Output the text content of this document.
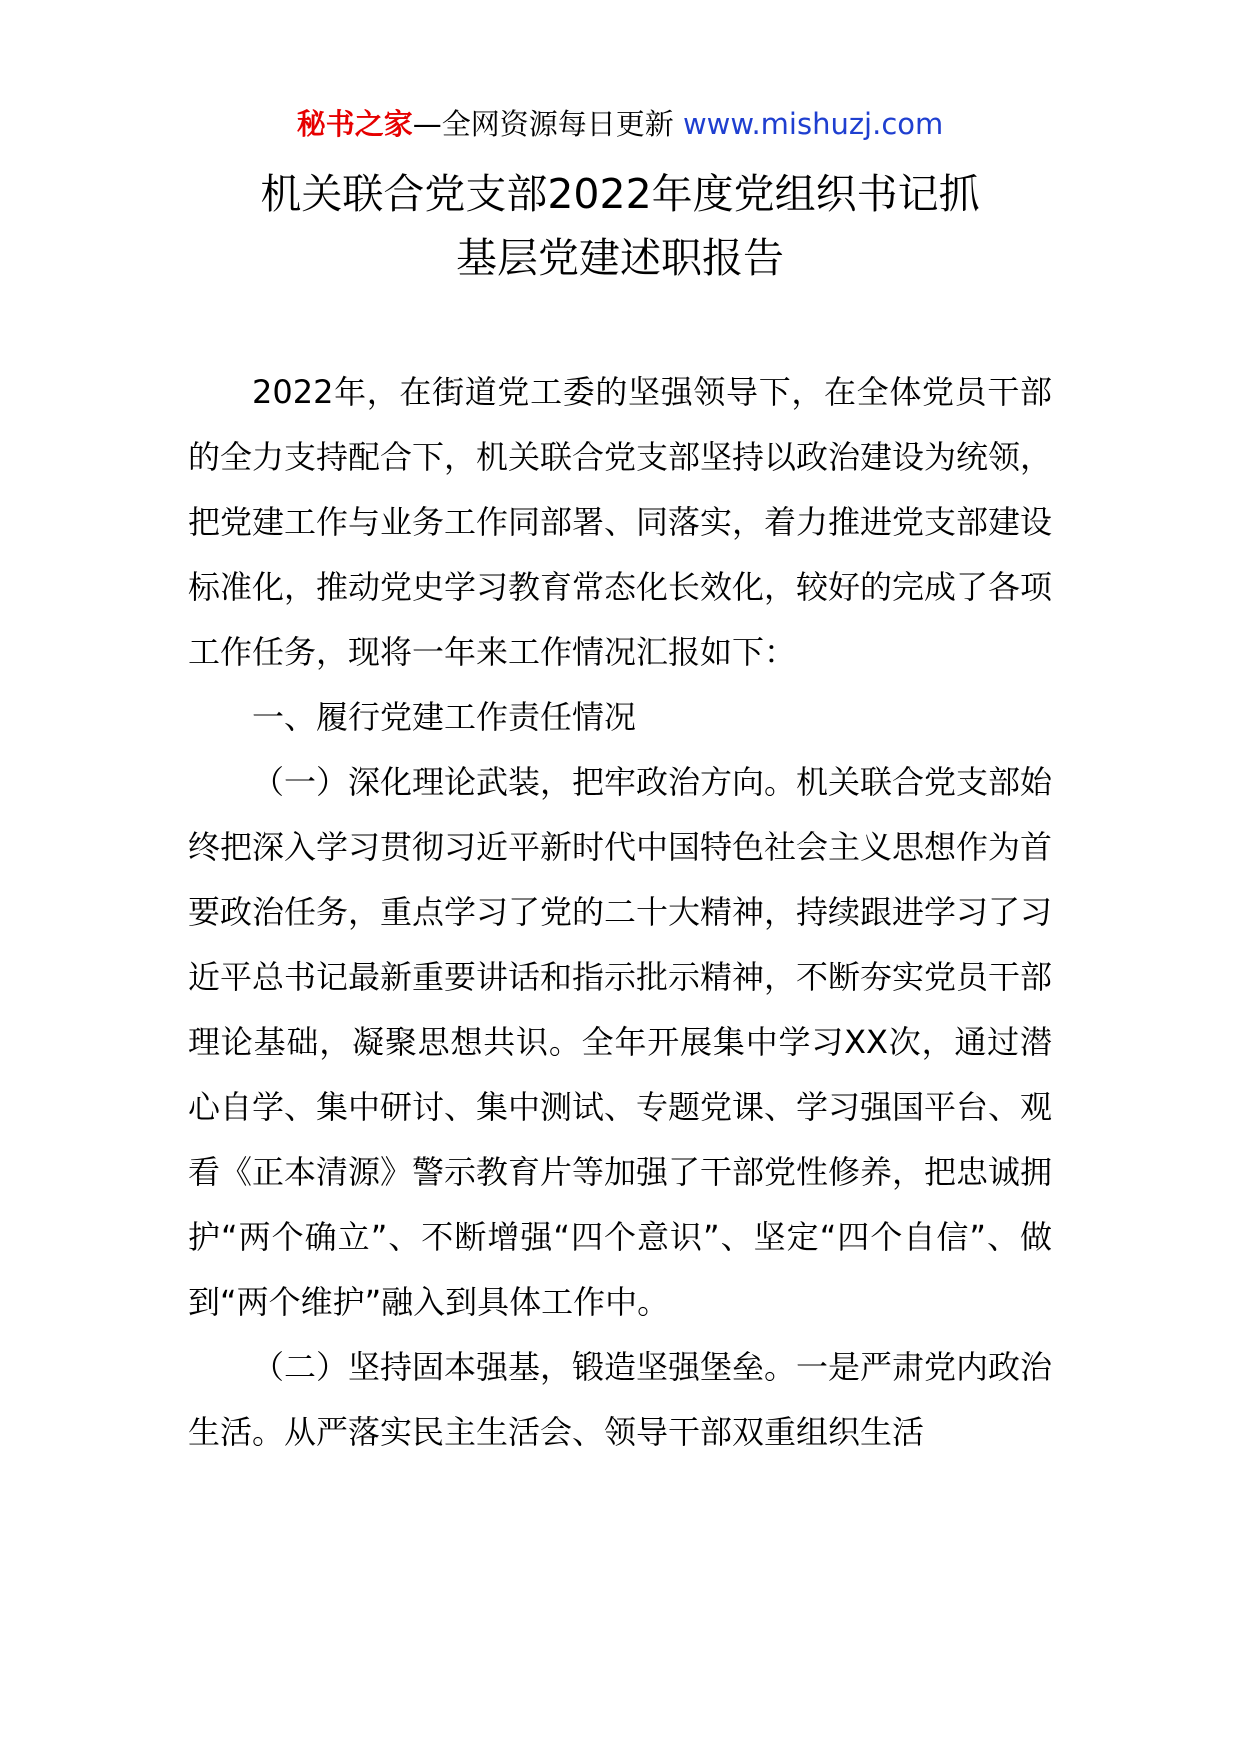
秘书之家—全网资源每日更新 www.mishuzj.com
机关联合党支部2022年度党组织书记抓
基层党建述职报告

2022年，在街道党工委的坚强领导下，在全体党员干部的全力支持配合下，机关联合党支部坚持以政治建设为统领，把党建工作与业务工作同部署、同落实，着力推进党支部建设标准化，推动党史学习教育常态化长效化，较好的完成了各项工作任务，现将一年来工作情况汇报如下：

一、履行党建工作责任情况

（一）深化理论武装，把牢政治方向。机关联合党支部始终把深入学习贯彻习近平新时代中国特色社会主义思想作为首要政治任务，重点学习了党的二十大精神，持续跟进学习了习近平总书记最新重要讲话和指示批示精神，不断夯实党员干部理论基础，凝聚思想共识。全年开展集中学习XX次，通过潜心自学、集中研讨、集中测试、专题党课、学习强国平台、观看《正本清源》警示教育片等加强了干部党性修养，把忠诚拥护“两个确立”、不断增强“四个意识”、坚定“四个自信”、做到“两个维护”融入到具体工作中。

（二）坚持固本强基，锻造坚强堡垒。一是严肃党内政治生活。从严落实民主生活会、领导干部双重组织生活
